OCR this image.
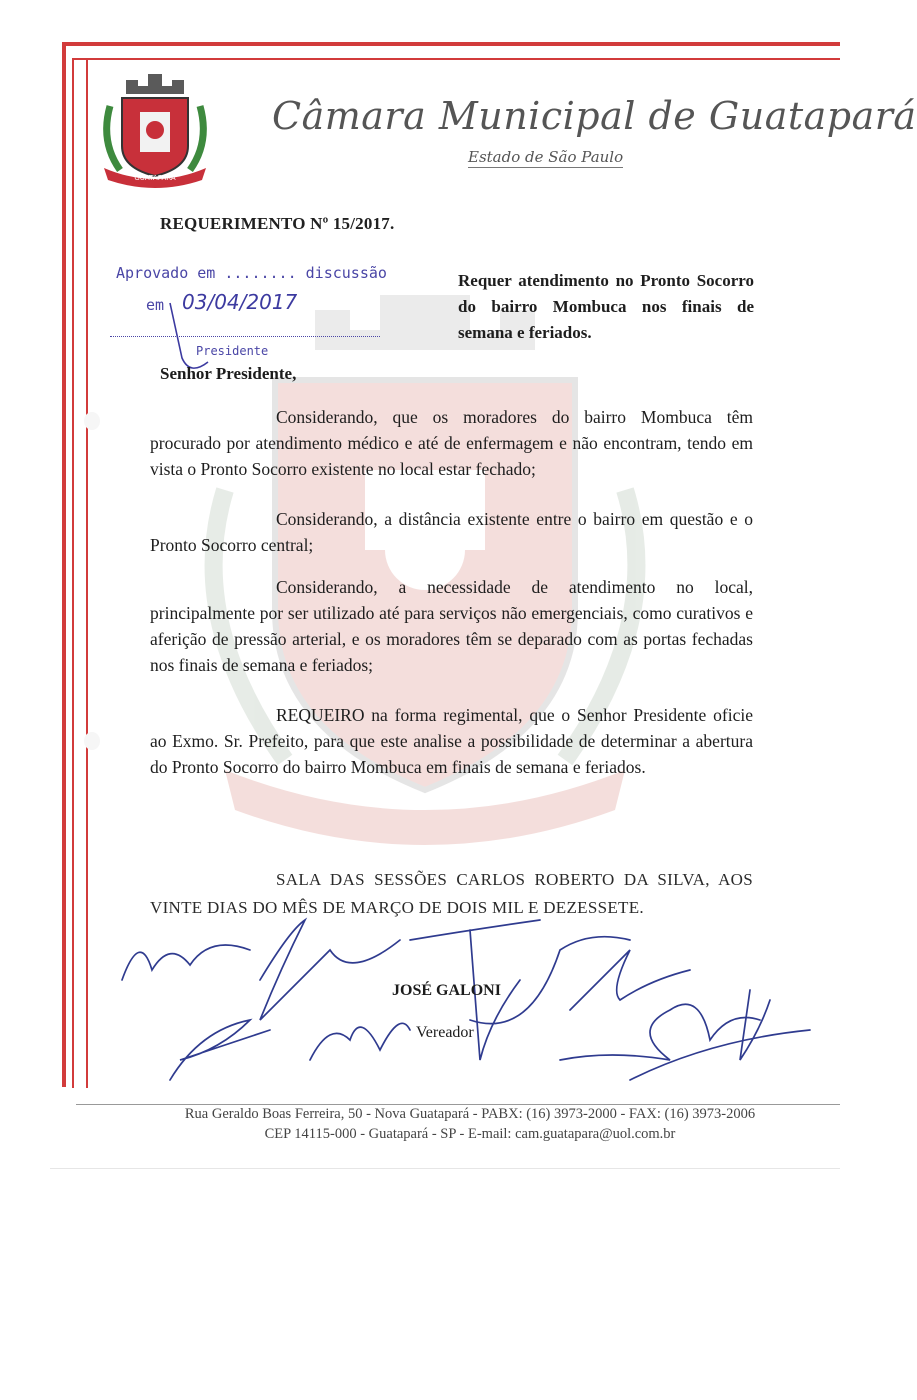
GUATAPARÁ
Câmara Municipal de Guatapará
Estado de São Paulo
REQUERIMENTO Nº 15/2017.
Aprovado em ........ discussão
em 03/04/2017
Presidente
Requer atendimento no Pronto Socorro do bairro Mombuca nos finais de semana e feriados.
Senhor Presidente,
Considerando, que os moradores do bairro Mombuca têm procurado por atendimento médico e até de enfermagem e não encontram, tendo em vista o Pronto Socorro existente no local estar fechado;
Considerando, a distância existente entre o bairro em questão e o Pronto Socorro central;
Considerando, a necessidade de atendimento no local, principalmente por ser utilizado até para serviços não emergenciais, como curativos e aferição de pressão arterial, e os moradores têm se deparado com as portas fechadas nos finais de semana e feriados;
REQUEIRO na forma regimental, que o Senhor Presidente oficie ao Exmo. Sr. Prefeito, para que este analise a possibilidade de determinar a abertura do Pronto Socorro do bairro Mombuca em finais de semana e feriados.
SALA DAS SESSÕES CARLOS ROBERTO DA SILVA, AOS VINTE DIAS DO MÊS DE MARÇO DE DOIS MIL E DEZESSETE.
JOSÉ GALONI
Vereador
Rua Geraldo Boas Ferreira, 50 - Nova Guatapará - PABX: (16) 3973-2000 - FAX: (16) 3973-2006
CEP 14115-000 - Guatapará - SP - E-mail: cam.guatapara@uol.com.br
